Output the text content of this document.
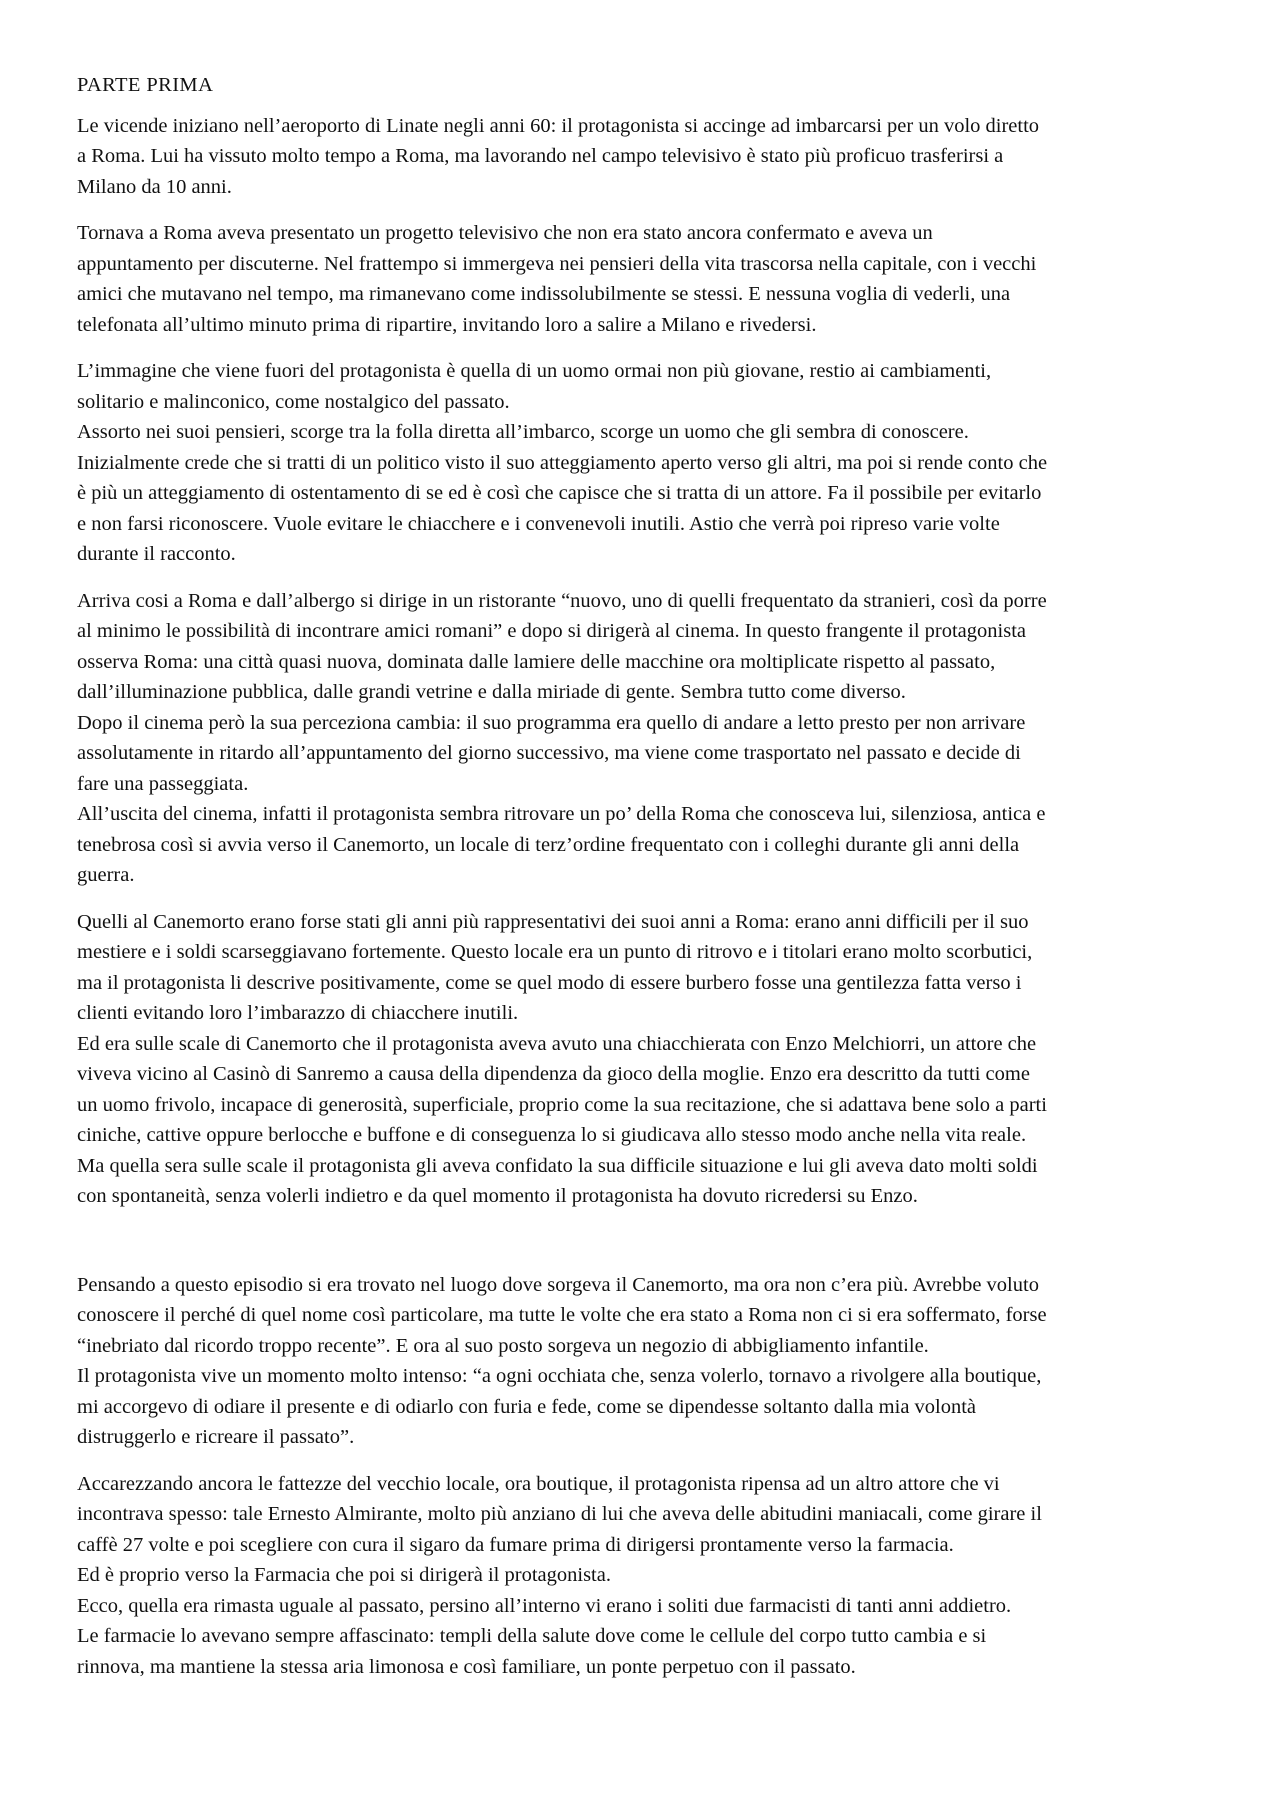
PARTE PRIMA
Le vicende iniziano nell’aeroporto di Linate negli anni 60: il protagonista si accinge ad imbarcarsi per un volo diretto
a Roma. Lui ha vissuto molto tempo a Roma, ma lavorando nel campo televisivo è stato più proficuo trasferirsi a
Milano da 10 anni.
Tornava a Roma aveva presentato un progetto televisivo che non era stato ancora confermato e aveva un
appuntamento per discuterne. Nel frattempo si immergeva nei pensieri della vita trascorsa nella capitale, con i vecchi
amici che mutavano nel tempo, ma rimanevano come indissolubilmente se stessi. E nessuna voglia di vederli, una
telefonata all’ultimo minuto prima di ripartire, invitando loro a salire a Milano e rivedersi.
L’immagine che viene fuori del protagonista è quella di un uomo ormai non più giovane, restio ai cambiamenti,
solitario e malinconico, come nostalgico del passato.
Assorto nei suoi pensieri, scorge tra la folla diretta all’imbarco, scorge un uomo che gli sembra di conoscere.
Inizialmente crede che si tratti di un politico visto il suo atteggiamento aperto verso gli altri, ma poi si rende conto che
è più un atteggiamento di ostentamento di se ed è così che capisce che si tratta di un attore. Fa il possibile per evitarlo
e non farsi riconoscere. Vuole evitare le chiacchere e i convenevoli inutili. Astio che verrà poi ripreso varie volte
durante il racconto.
Arriva cosi a Roma e dall’albergo si dirige in un ristorante “nuovo, uno di quelli frequentato da stranieri, così da porre
al minimo le possibilità di incontrare amici romani” e dopo si dirigerà al cinema. In questo frangente il protagonista
osserva Roma: una città quasi nuova, dominata dalle lamiere delle macchine ora moltiplicate rispetto al passato,
dall’illuminazione pubblica, dalle grandi vetrine e dalla miriade di gente. Sembra tutto come diverso.
Dopo il cinema però la sua perceziona cambia: il suo programma era quello di andare a letto presto per non arrivare
assolutamente in ritardo all’appuntamento del giorno successivo, ma viene come trasportato nel passato e decide di
fare una passeggiata.
All’uscita del cinema, infatti il protagonista sembra ritrovare un po’ della Roma che conosceva lui, silenziosa, antica e
tenebrosa così si avvia verso il Canemorto, un locale di terz’ordine frequentato con i colleghi durante gli anni della
guerra.
Quelli al Canemorto erano forse stati gli anni più rappresentativi dei suoi anni a Roma: erano anni difficili per il suo
mestiere e i soldi scarseggiavano fortemente. Questo locale era un punto di ritrovo e i titolari erano molto scorbutici,
ma il protagonista li descrive positivamente, come se quel modo di essere burbero fosse una gentilezza fatta verso i
clienti evitando loro l’imbarazzo di chiacchere inutili.
Ed era sulle scale di Canemorto che il protagonista aveva avuto una chiacchierata con Enzo Melchiorri, un attore che
viveva vicino al Casinò di Sanremo a causa della dipendenza da gioco della moglie. Enzo era descritto da tutti come
un uomo frivolo, incapace di generosità, superficiale, proprio come la sua recitazione, che si adattava bene solo a parti
ciniche, cattive oppure berlocche e buffone e di conseguenza lo si giudicava allo stesso modo anche nella vita reale.
Ma quella sera sulle scale il protagonista gli aveva confidato la sua difficile situazione e lui gli aveva dato molti soldi
con spontaneità, senza volerli indietro e da quel momento il protagonista ha dovuto ricredersi su Enzo.
Pensando a questo episodio si era trovato nel luogo dove sorgeva il Canemorto, ma ora non c’era più. Avrebbe voluto
conoscere il perché di quel nome così particolare, ma tutte le volte che era stato a Roma non ci si era soffermato, forse
“inebriato dal ricordo troppo recente”. E ora al suo posto sorgeva un negozio di abbigliamento infantile.
Il protagonista vive un momento molto intenso: “a ogni occhiata che, senza volerlo, tornavo a rivolgere alla boutique,
mi accorgevo di odiare il presente e di odiarlo con furia e fede, come se dipendesse soltanto dalla mia volontà
distruggerlo e ricreare il passato”.
Accarezzando ancora le fattezze del vecchio locale, ora boutique, il protagonista ripensa ad un altro attore che vi
incontrava spesso: tale Ernesto Almirante, molto più anziano di lui che aveva delle abitudini maniacali, come girare il
caffè 27 volte e poi scegliere con cura il sigaro da fumare prima di dirigersi prontamente verso la farmacia.
Ed è proprio verso la Farmacia che poi si dirigerà il protagonista.
Ecco, quella era rimasta uguale al passato, persino all’interno vi erano i soliti due farmacisti di tanti anni addietro.
Le farmacie lo avevano sempre affascinato: templi della salute dove come le cellule del corpo tutto cambia e si
rinnova, ma mantiene la stessa aria limonosa e così familiare, un ponte perpetuo con il passato.
